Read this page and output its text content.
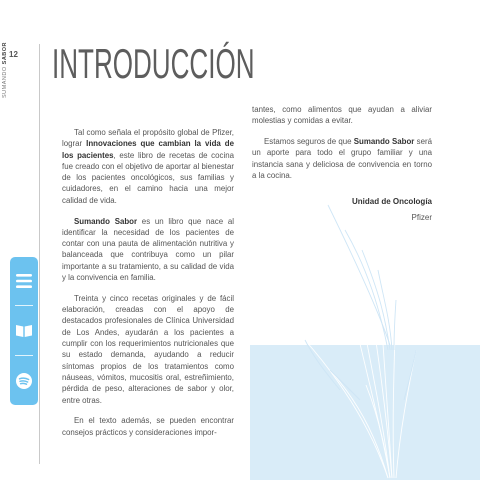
12
SUMANDO SABOR INTRODUCCIÓN

Tal como señala el propósito global de Pfizer, lograr Innovaciones que cambian la vida de los pacientes, este libro de recetas de cocina fue creado con el objetivo de aportar al bienestar de los pacientes oncológicos, sus familias y cuidadores, en el camino hacia una mejor calidad de vida.

Sumando Sabor es un libro que nace al identificar la necesidad de los pacientes de contar con una pauta de alimentación nutritiva y balanceada que contribuya como un pilar importante a su tratamiento, a su calidad de vida y la convivencia en familia.

Treinta y cinco recetas originales y de fácil elaboración, creadas con el apoyo de destacados profesionales de Clínica Universidad de Los Andes, ayudarán a los pacientes a cumplir con los requerimientos nutricionales que su estado demanda, ayudando a reducir síntomas propios de los tratamientos como náuseas, vómitos, mucositis oral, estreñimiento, pérdida de peso, alteraciones de sabor y olor, entre otras.

En el texto además, se pueden encontrar consejos prácticos y consideraciones impor-

tantes, como alimentos que ayudan a aliviar molestias y comidas a evitar.

Estamos seguros de que Sumando Sabor será un aporte para todo el grupo familiar y una instancia sana y deliciosa de convivencia en torno a la cocina.

Unidad de Oncología
Pfizer
